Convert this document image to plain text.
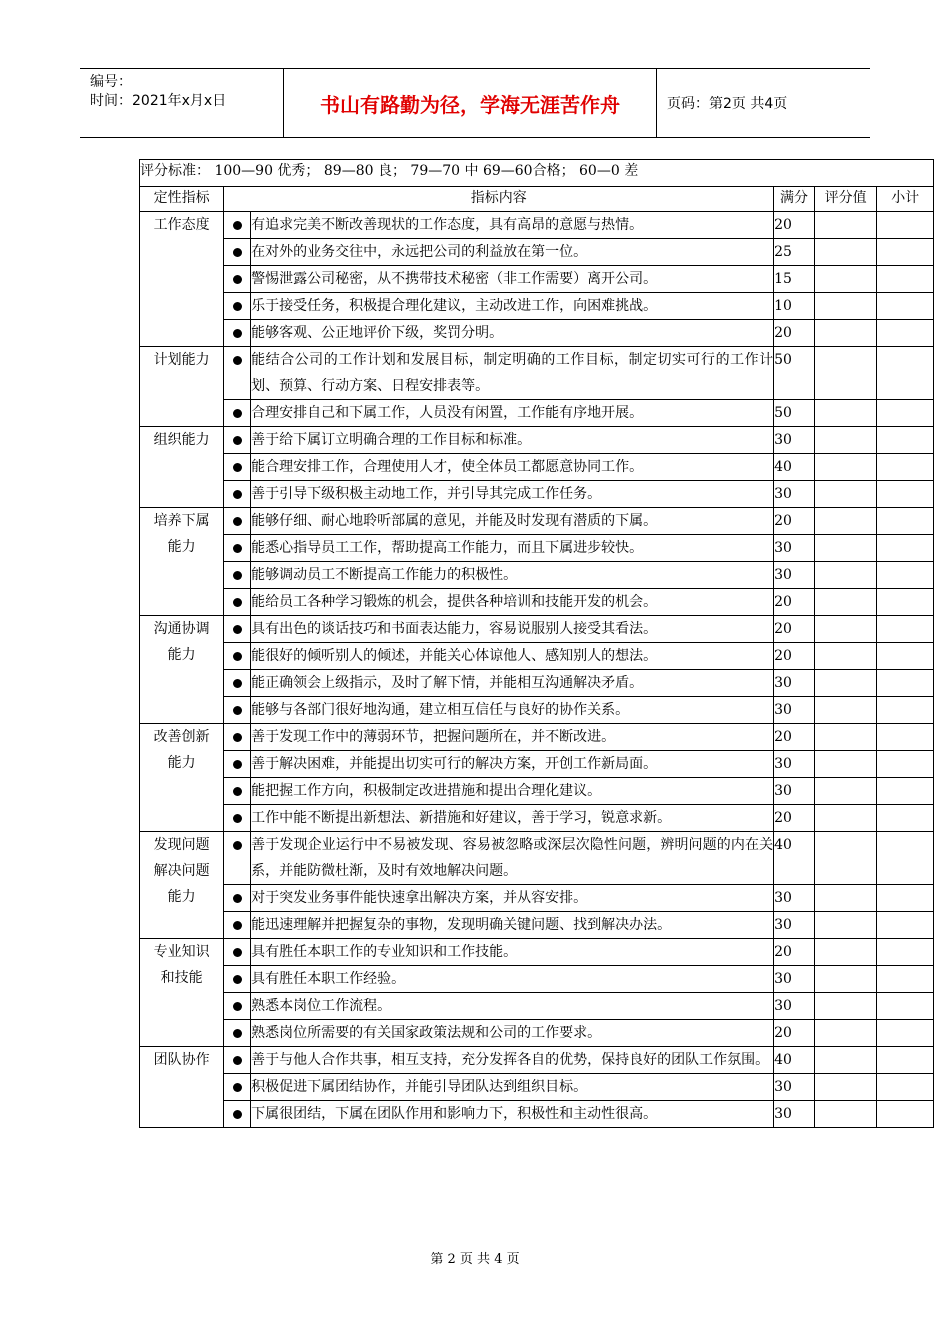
编号：
时间：2021年x月x日	书山有路勤为径，学海无涯苦作舟	页码：第2页 共4页
评分标准： 100—90 优秀； 89—80 良； 79—70 中 69—60合格； 60—0 差					
定性指标	指标内容		满分	评分值	小计
工作态度		有追求完美不断改善现状的工作态度，具有高昂的意愿与热情。	20		
		在对外的业务交往中，永远把公司的利益放在第一位。	25		
		警惕泄露公司秘密，从不携带技术秘密（非工作需要）离开公司。	15		
		乐于接受任务，积极提合理化建议，主动改进工作，向困难挑战。	10		
		能够客观、公正地评价下级，奖罚分明。	20		
计划能力		能结合公司的工作计划和发展目标，制定明确的工作目标，制定切实可行的工作计划、预算、行动方案、日程安排表等。	50		
		合理安排自己和下属工作，人员没有闲置，工作能有序地开展。	50		
组织能力		善于给下属订立明确合理的工作目标和标准。	30		
		能合理安排工作，合理使用人才，使全体员工都愿意协同工作。	40		
		善于引导下级积极主动地工作，并引导其完成工作任务。	30		
培养下属
能力		能够仔细、耐心地聆听部属的意见，并能及时发现有潜质的下属。	20		
		能悉心指导员工工作，帮助提高工作能力，而且下属进步较快。	30		
		能够调动员工不断提高工作能力的积极性。	30		
		能给员工各种学习锻炼的机会，提供各种培训和技能开发的机会。	20		
沟通协调
能力		具有出色的谈话技巧和书面表达能力，容易说服别人接受其看法。	20		
		能很好的倾听别人的倾述，并能关心体谅他人、感知别人的想法。	20		
		能正确领会上级指示，及时了解下情，并能相互沟通解决矛盾。	30		
		能够与各部门很好地沟通，建立相互信任与良好的协作关系。	30		
改善创新
能力		善于发现工作中的薄弱环节，把握问题所在，并不断改进。	20		
		善于解决困难，并能提出切实可行的解决方案，开创工作新局面。	30		
		能把握工作方向，积极制定改进措施和提出合理化建议。	30		
		工作中能不断提出新想法、新措施和好建议，善于学习，锐意求新。	20		
发现问题
解决问题
能力		善于发现企业运行中不易被发现、容易被忽略或深层次隐性问题，辨明问题的内在关系，并能防微杜渐，及时有效地解决问题。	40		
		对于突发业务事件能快速拿出解决方案，并从容安排。	30		
		能迅速理解并把握复杂的事物，发现明确关键问题、找到解决办法。	30		
专业知识
和技能		具有胜任本职工作的专业知识和工作技能。	20		
		具有胜任本职工作经验。	30		
		熟悉本岗位工作流程。	30		
		熟悉岗位所需要的有关国家政策法规和公司的工作要求。	20		
团队协作		善于与他人合作共事，相互支持，充分发挥各自的优势，保持良好的团队工作氛围。	40		
		积极促进下属团结协作，并能引导团队达到组织目标。	30		
		下属很团结，下属在团队作用和影响力下，积极性和主动性很高。	30		
第 2 页 共 4 页
